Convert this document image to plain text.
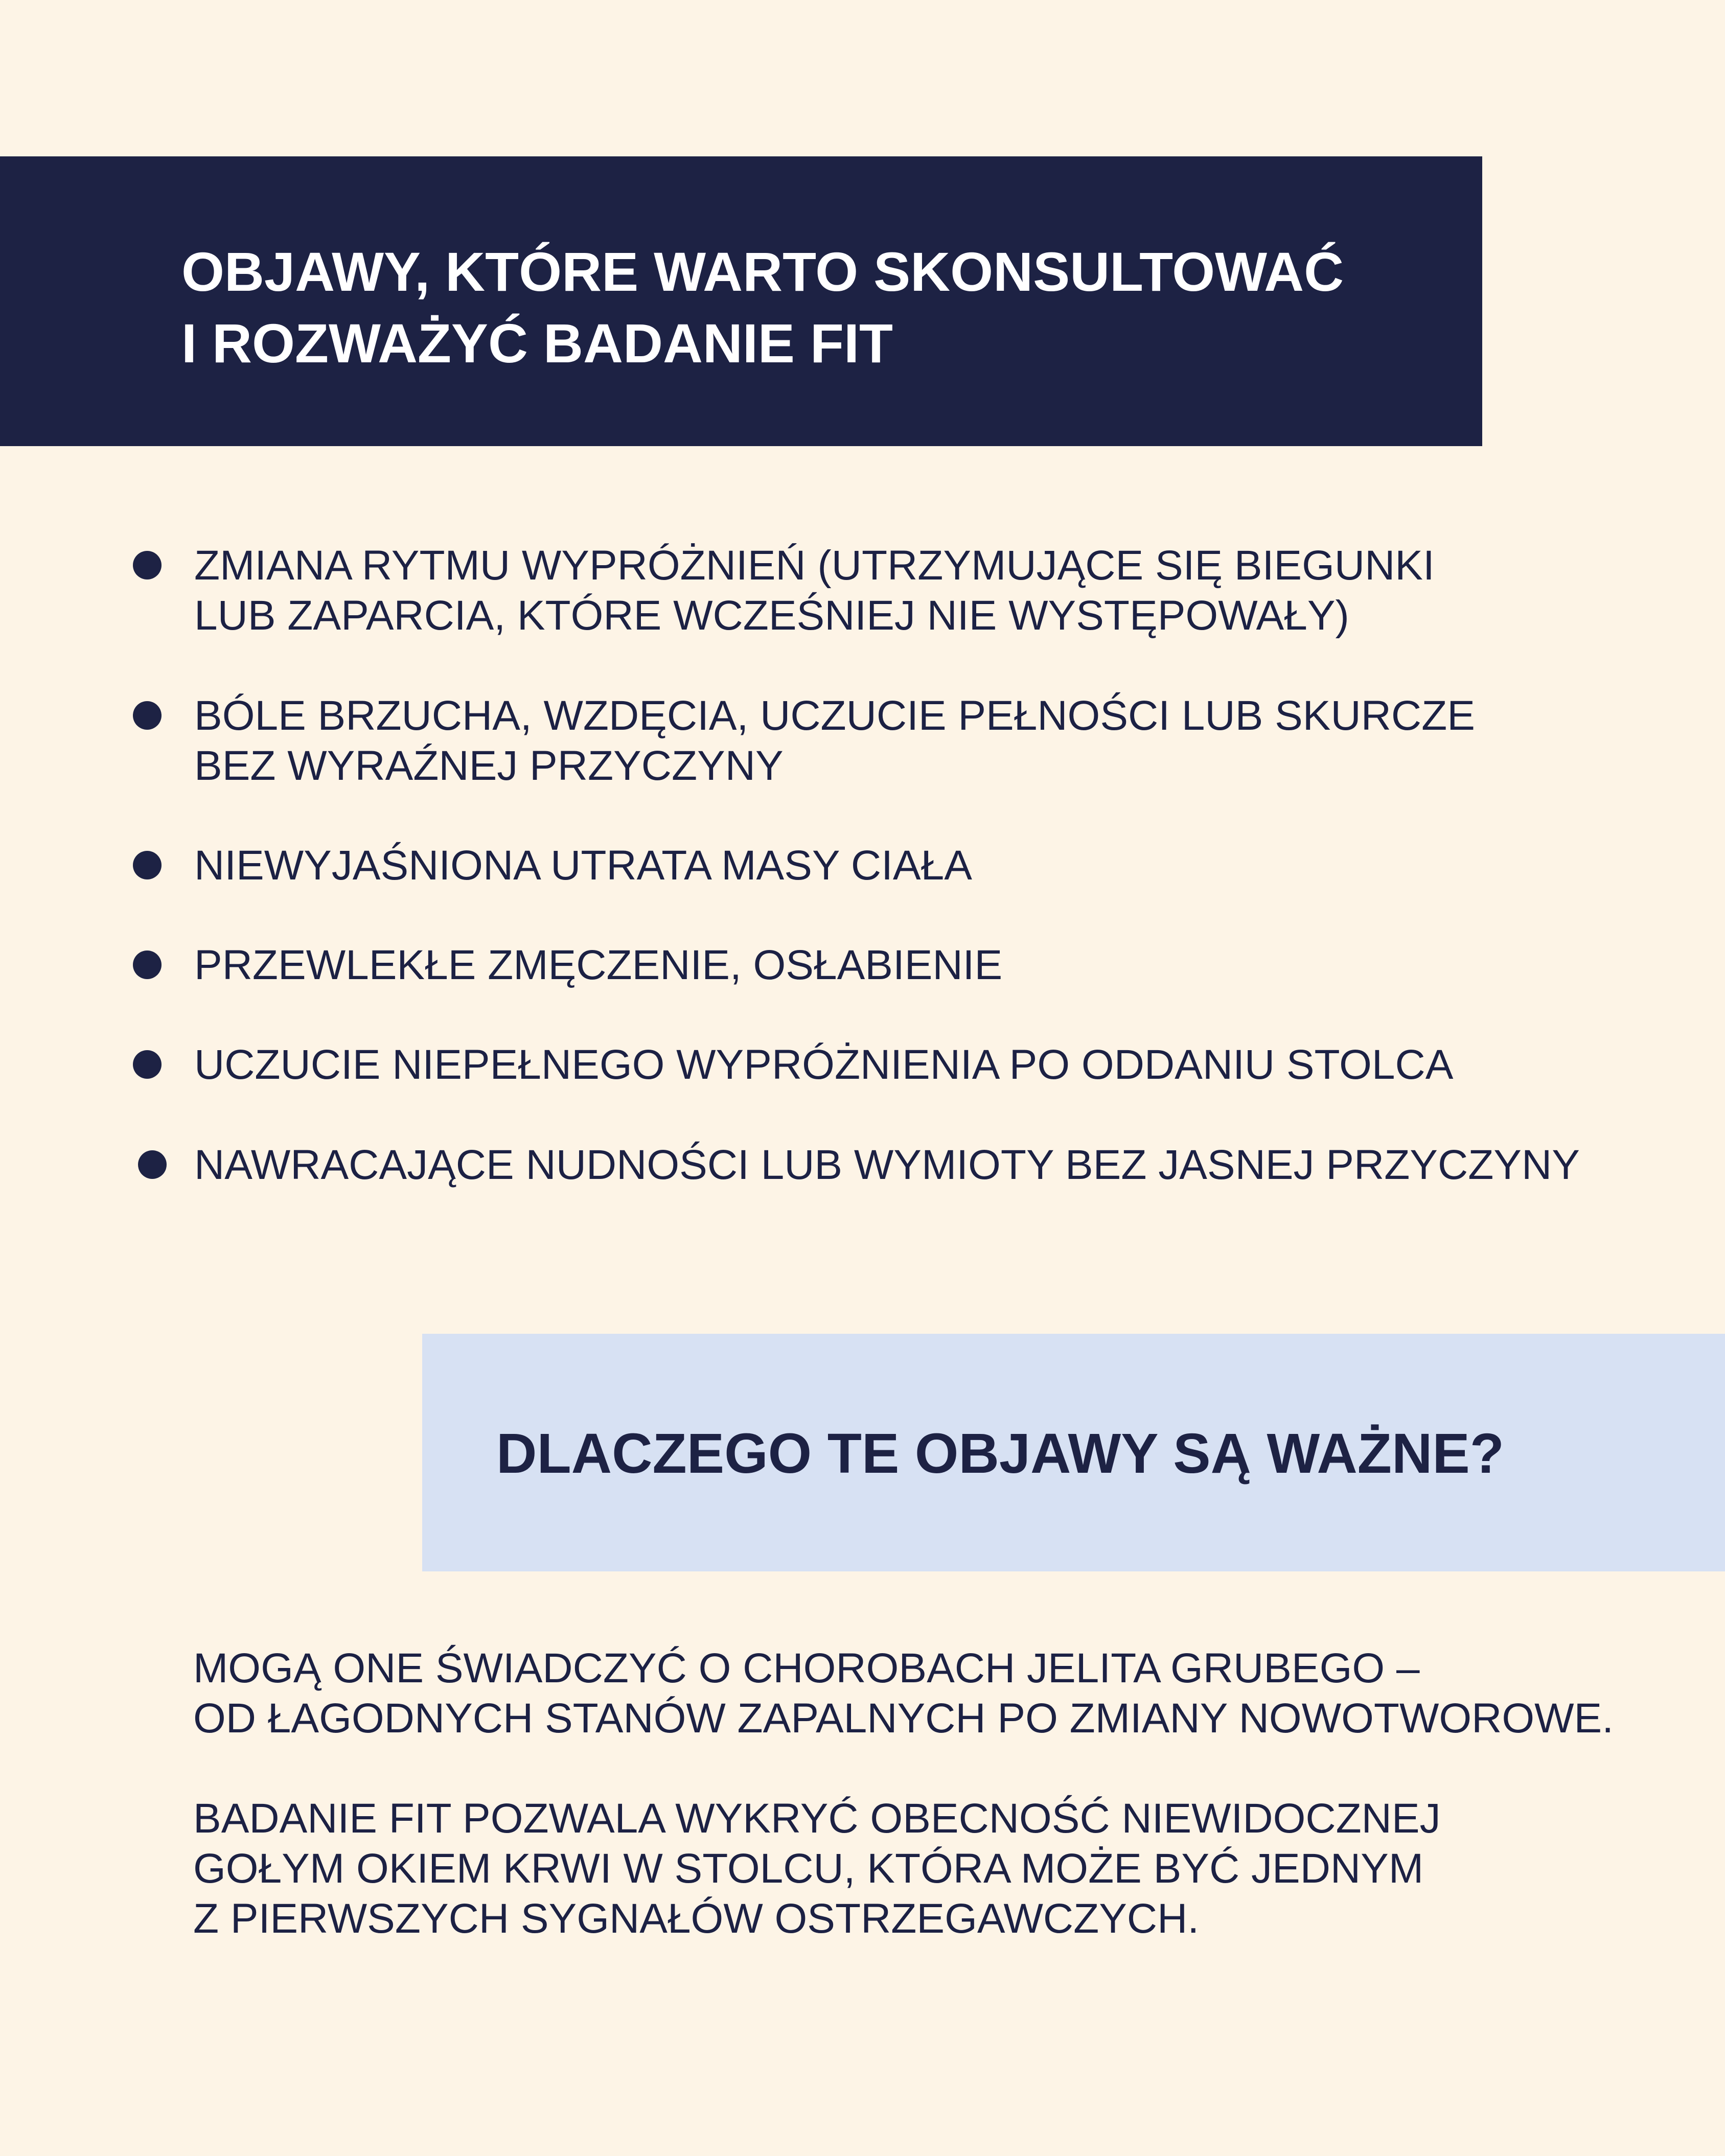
OBJAWY, KTÓRE WARTO SKONSULTOWAĆ
I ROZWAŻYĆ BADANIE FIT
ZMIANA RYTMU WYPRÓŻNIEŃ (UTRZYMUJĄCE SIĘ BIEGUNKI
LUB ZAPARCIA, KTÓRE WCZEŚNIEJ NIE WYSTĘPOWAŁY)
BÓLE BRZUCHA, WZDĘCIA, UCZUCIE PEŁNOŚCI LUB SKURCZE
BEZ WYRAŹNEJ PRZYCZYNY
NIEWYJAŚNIONA UTRATA MASY CIAŁA
PRZEWLEKŁE ZMĘCZENIE, OSŁABIENIE
UCZUCIE NIEPEŁNEGO WYPRÓŻNIENIA PO ODDANIU STOLCA
NAWRACAJĄCE NUDNOŚCI LUB WYMIOTY BEZ JASNEJ PRZYCZYNY
DLACZEGO TE OBJAWY SĄ WAŻNE?
MOGĄ ONE ŚWIADCZYĆ O CHOROBACH JELITA GRUBEGO –
OD ŁAGODNYCH STANÓW ZAPALNYCH PO ZMIANY NOWOTWOROWE.
BADANIE FIT POZWALA WYKRYĆ OBECNOŚĆ NIEWIDOCZNEJ
GOŁYM OKIEM KRWI W STOLCU, KTÓRA MOŻE BYĆ JEDNYM
Z PIERWSZYCH SYGNAŁÓW OSTRZEGAWCZYCH.
